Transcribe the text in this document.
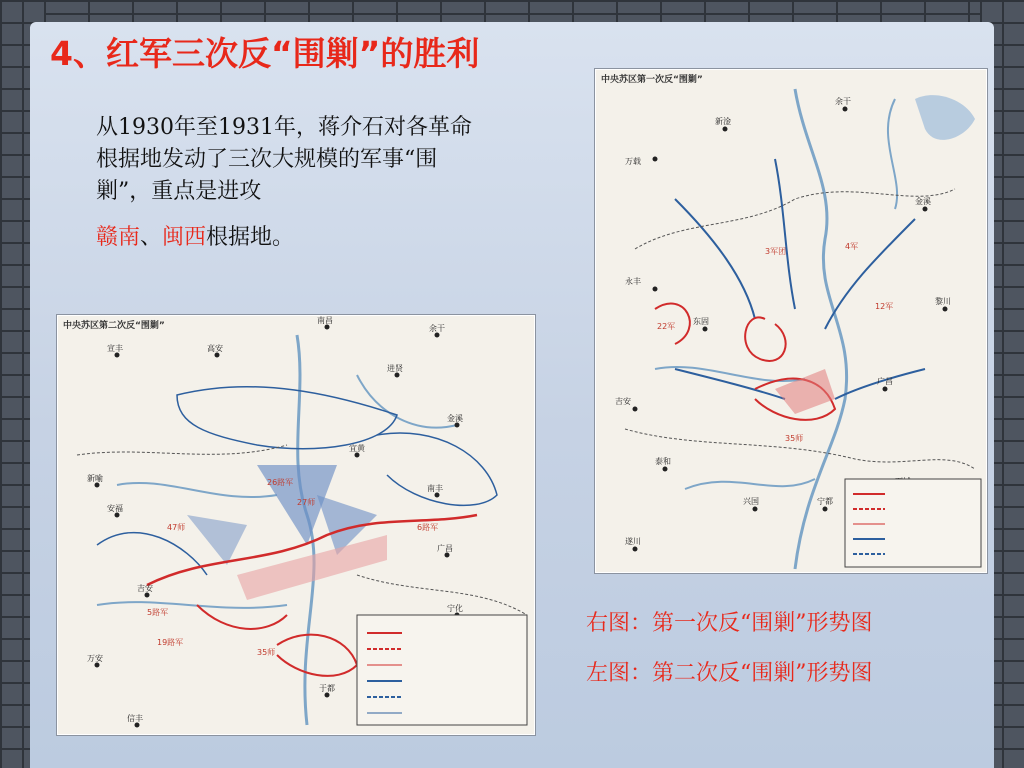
4、红军三次反“围剿”的胜利
从1930年至1931年，蒋介石对各革命根据地发动了三次大规模的军事“围剿”，重点是进攻
赣南、闽西根据地。
中央苏区第一次反“围剿”
万载
新淦
余干
金溪
黎川
永丰
东固
吉安
广昌
泰和
兴国	宁都
遂川
3军团
4军
12军
22军
35师
中央苏区第二次反“围剿”
南昌
余干
宣丰	高安
进贤
金溪
新喻
宜黄
安福
南丰
广昌
吉安
宁化
万安
于都
信丰
26路军
27师
47师	6路军
5路军
19路军
35师
右图：第一次反“围剿”形势图
左图：第二次反“围剿”形势图
